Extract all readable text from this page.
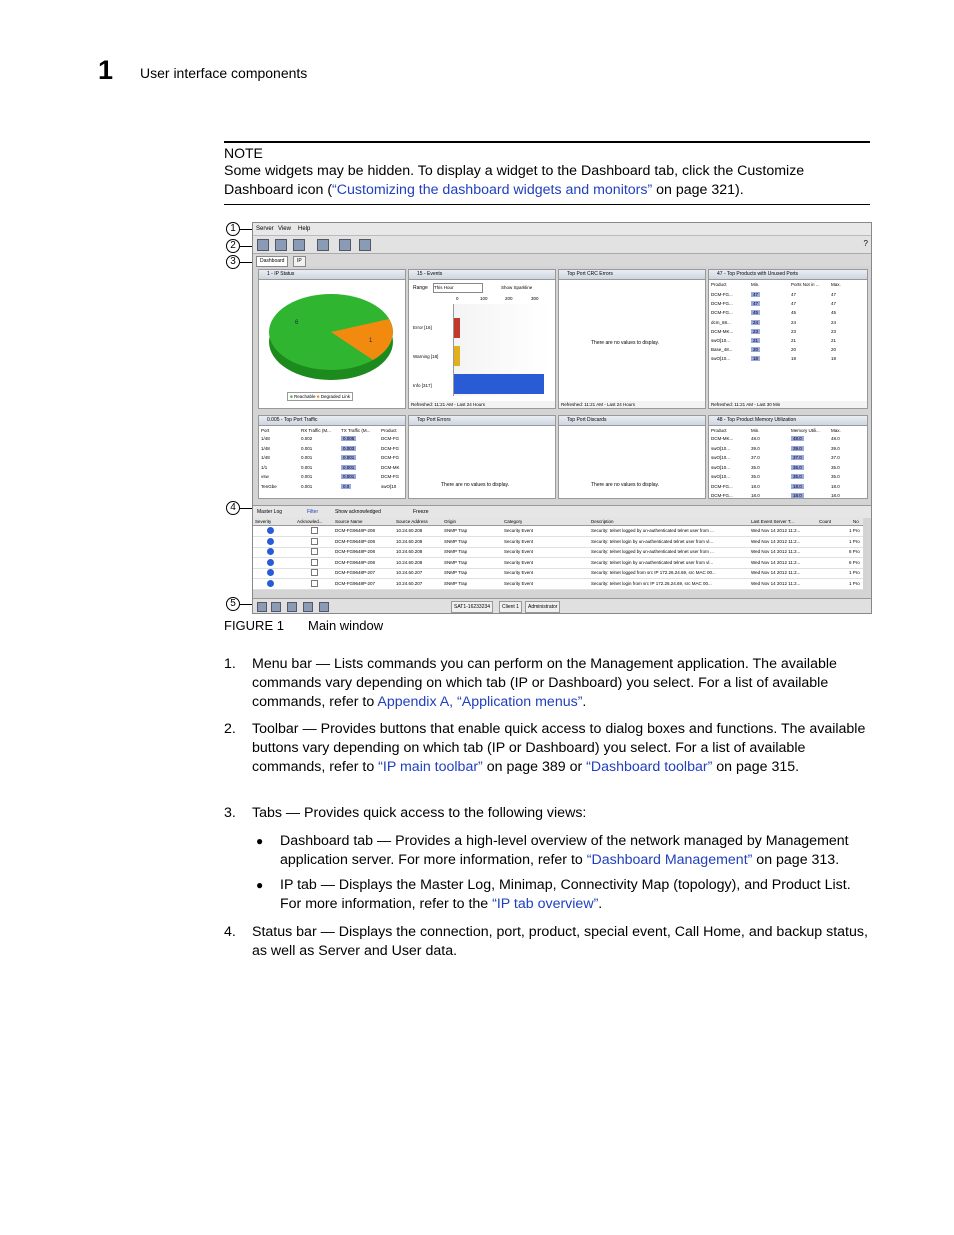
1 User interface components
NOTE
Some widgets may be hidden. To display a widget to the Dashboard tab, click the Customize Dashboard icon (“Customizing the dashboard widgets and monitors” on page 321).
1
2
3
4
5
Server View Help
?
Dashboard	IP
1 - IP Status
6
1
■ Reachable ■ Degraded Link
15 - Events
Range This Hour	Show Sparkline
0	100	200	300
Error [16]
Warning [18]
Info [317]
Refreshed: 11:21 AM - Last 24 Hours
Top Port CRC Errors
There are no values to display.
Refreshed: 11:21 AM - Last 24 Hours
47 - Top Products with Unused Ports
Product	Min.	Ports Not in ...	Max.
DCM-FG...	47	47	47
DCM-FG...	47	47	47
DCM-FG...	45	45	45
dcm_68...	24	24	24
DCM-MK...	23	23	23
swO[10...	21	21	21
Base_48...	20	20	20
swO[10...	18	18	18
Refreshed: 11:21 AM - Last 30 Min
0.005 - Top Port Traffic
Port	RX Traffic (M...	TX Traffic (M...	Product
1/48	0.002	0.005	DCM-FG
1/48	0.001	0.003	DCM-FG
1/48	0.001	0.001	DCM-FG
1/1	0.001	0.001	DCM-MK
vsw	0.001	0.001	DCM-FG
TenGbe	0.001	0.0	swO[10
Top Port Errors
There are no values to display.
Top Port Discards
There are no values to display.
48 - Top Product Memory Utilization
Product	Min.	Memory Utili...	Max.
DCM-MK...	48.0	48.0	48.0
swO[10...	39.0	39.0	39.0
swO[10...	37.0	37.0	37.0
swO[10...	35.0	35.0	35.0
swO[10...	35.0	35.0	35.0
DCM-FG...	18.0	18.0	18.0
DCM-FG...	18.0	18.0	18.0
Master Log	Filter	Show acknowledged	Freeze
Severity	Acknowled...	Source Name	Source Address	Origin	Category	Description	Last Event Server T...	Count	No
DCM-FG9648P-208	10.24.60.208	SNMP Trap	Security Event	Security: telnet logged by un-authenticated telnet user from ...	Wed Nov 14 2012 11:2...	1 Pro
DCM-FG9648P-208	10.24.60.208	SNMP Trap	Security Event	Security: telnet login by un-authenticated telnet user from vl...	Wed Nov 14 2012 11:2...	1 Pro
DCM-FG9648P-208	10.24.60.208	SNMP Trap	Security Event	Security: telnet logged by un-authenticated telnet user from ...	Wed Nov 14 2012 11:2...	6 Pro
DCM-FG9648P-208	10.24.60.208	SNMP Trap	Security Event	Security: telnet login by un-authenticated telnet user from vl...	Wed Nov 14 2012 11:2...	6 Pro
DCM-FG9648P-207	10.24.60.207	SNMP Trap	Security Event	Security: telnet logged from src IP 172.26.24.69, src MAC 00...	Wed Nov 14 2012 11:2...	1 Pro
DCM-FG9648P-207	10.24.60.207	SNMP Trap	Security Event	Security: telnet login from src IP 172.26.24.69, src MAC 00...	Wed Nov 14 2012 11:2...	1 Pro
SAT1-16233234	Client 1	Administrator
FIGURE 1 Main window
1. Menu bar — Lists commands you can perform on the Management application. The available commands vary depending on which tab (IP or Dashboard) you select. For a list of available commands, refer to Appendix A, “Application menus”.
2. Toolbar — Provides buttons that enable quick access to dialog boxes and functions. The available buttons vary depending on which tab (IP or Dashboard) you select. For a list of available commands, refer to “IP main toolbar” on page 389 or “Dashboard toolbar” on page 315.
3. Tabs — Provides quick access to the following views:
● Dashboard tab — Provides a high-level overview of the network managed by Management application server. For more information, refer to “Dashboard Management” on page 313.
● IP tab — Displays the Master Log, Minimap, Connectivity Map (topology), and Product List. For more information, refer to the “IP tab overview”.
4. Status bar — Displays the connection, port, product, special event, Call Home, and backup status, as well as Server and User data.
